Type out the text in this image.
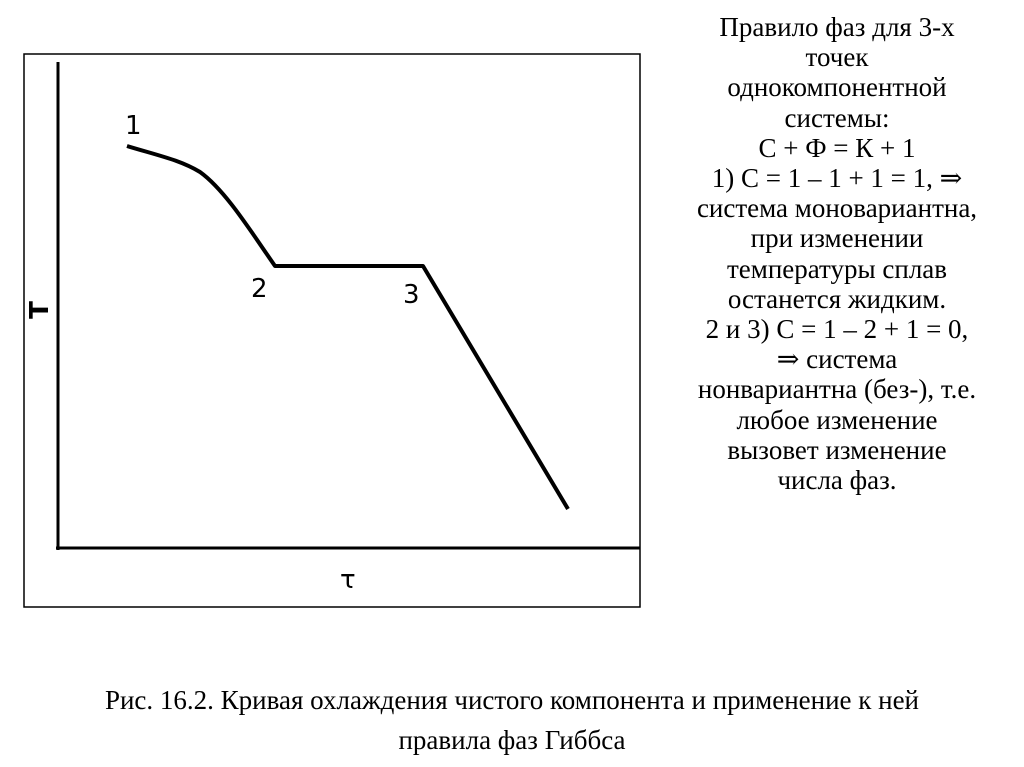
T
τ
1
2	3
Правило фаз для 3-х
точек
однокомпонентной
системы:
С + Ф = К + 1
1) С = 1 – 1 + 1 = 1, ⇒
система моновариантна,
при изменении
температуры сплав
останется жидким.
2 и 3) С = 1 – 2 + 1 = 0,
⇒ система
нонвариантна (без-), т.е.
любое изменение
вызовет изменение
числа фаз.
Рис. 16.2. Кривая охлаждения чистого компонента и применение к ней
правила фаз Гиббса
